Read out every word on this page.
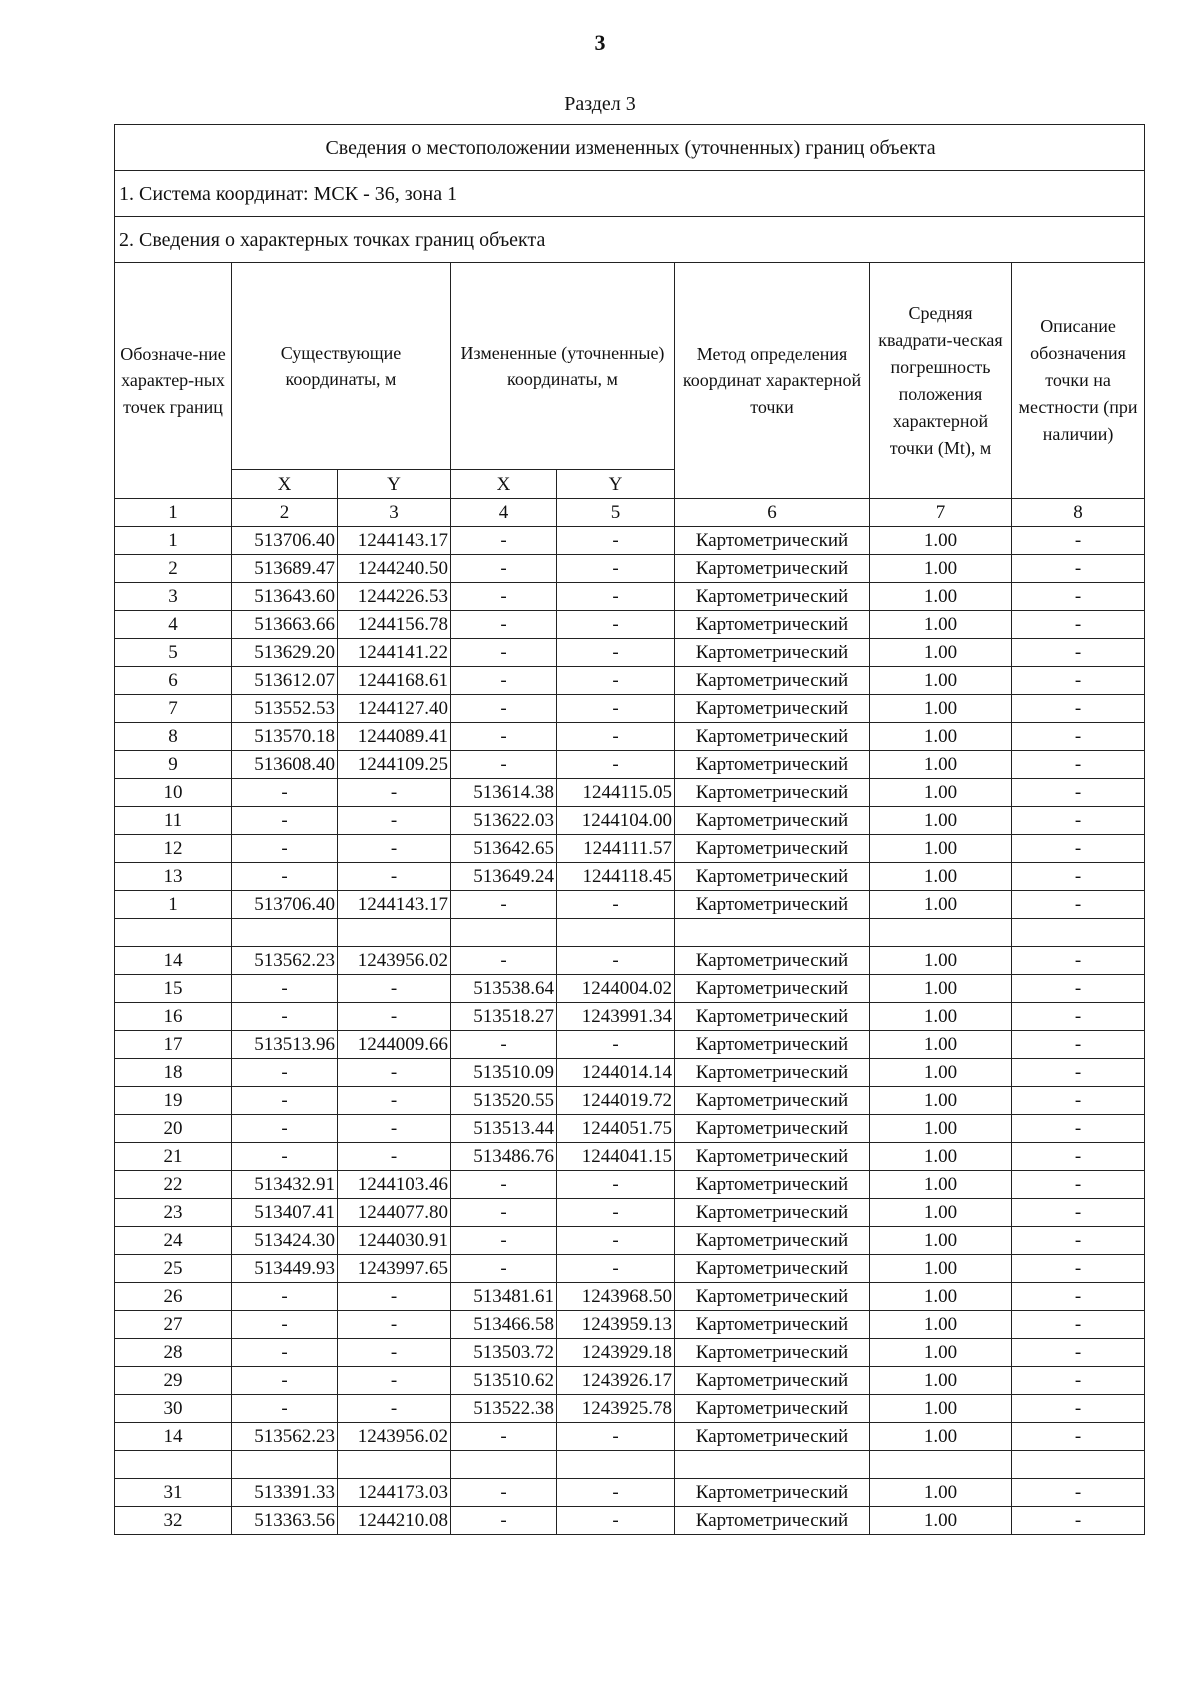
3
Раздел 3
Сведения о местоположении измененных (уточненных) границ объекта							
1. Система координат: МСК - 36, зона 1							
2. Сведения о характерных точках границ объекта							
Обозначе-ние характер-ных точек границ	Существующие координаты, м		Измененные (уточненные) координаты, м		Метод определения координат характерной точки	Средняя квадрати-ческая погрешность положения характерной точки (Mt), м	Описание обозначения точки на местности (при наличии)
	X	Y	X	Y			
1	2	3	4	5	6	7	8
1	513706.40	1244143.17	-	-	Картометрический	1.00	-
2	513689.47	1244240.50	-	-	Картометрический	1.00	-
3	513643.60	1244226.53	-	-	Картометрический	1.00	-
4	513663.66	1244156.78	-	-	Картометрический	1.00	-
5	513629.20	1244141.22	-	-	Картометрический	1.00	-
6	513612.07	1244168.61	-	-	Картометрический	1.00	-
7	513552.53	1244127.40	-	-	Картометрический	1.00	-
8	513570.18	1244089.41	-	-	Картометрический	1.00	-
9	513608.40	1244109.25	-	-	Картометрический	1.00	-
10	-	-	513614.38	1244115.05	Картометрический	1.00	-
11	-	-	513622.03	1244104.00	Картометрический	1.00	-
12	-	-	513642.65	1244111.57	Картометрический	1.00	-
13	-	-	513649.24	1244118.45	Картометрический	1.00	-
1	513706.40	1244143.17	-	-	Картометрический	1.00	-

14	513562.23	1243956.02	-	-	Картометрический	1.00	-
15	-	-	513538.64	1244004.02	Картометрический	1.00	-
16	-	-	513518.27	1243991.34	Картометрический	1.00	-
17	513513.96	1244009.66	-	-	Картометрический	1.00	-
18	-	-	513510.09	1244014.14	Картометрический	1.00	-
19	-	-	513520.55	1244019.72	Картометрический	1.00	-
20	-	-	513513.44	1244051.75	Картометрический	1.00	-
21	-	-	513486.76	1244041.15	Картометрический	1.00	-
22	513432.91	1244103.46	-	-	Картометрический	1.00	-
23	513407.41	1244077.80	-	-	Картометрический	1.00	-
24	513424.30	1244030.91	-	-	Картометрический	1.00	-
25	513449.93	1243997.65	-	-	Картометрический	1.00	-
26	-	-	513481.61	1243968.50	Картометрический	1.00	-
27	-	-	513466.58	1243959.13	Картометрический	1.00	-
28	-	-	513503.72	1243929.18	Картометрический	1.00	-
29	-	-	513510.62	1243926.17	Картометрический	1.00	-
30	-	-	513522.38	1243925.78	Картометрический	1.00	-
14	513562.23	1243956.02	-	-	Картометрический	1.00	-

31	513391.33	1244173.03	-	-	Картометрический	1.00	-
32	513363.56	1244210.08	-	-	Картометрический	1.00	-
